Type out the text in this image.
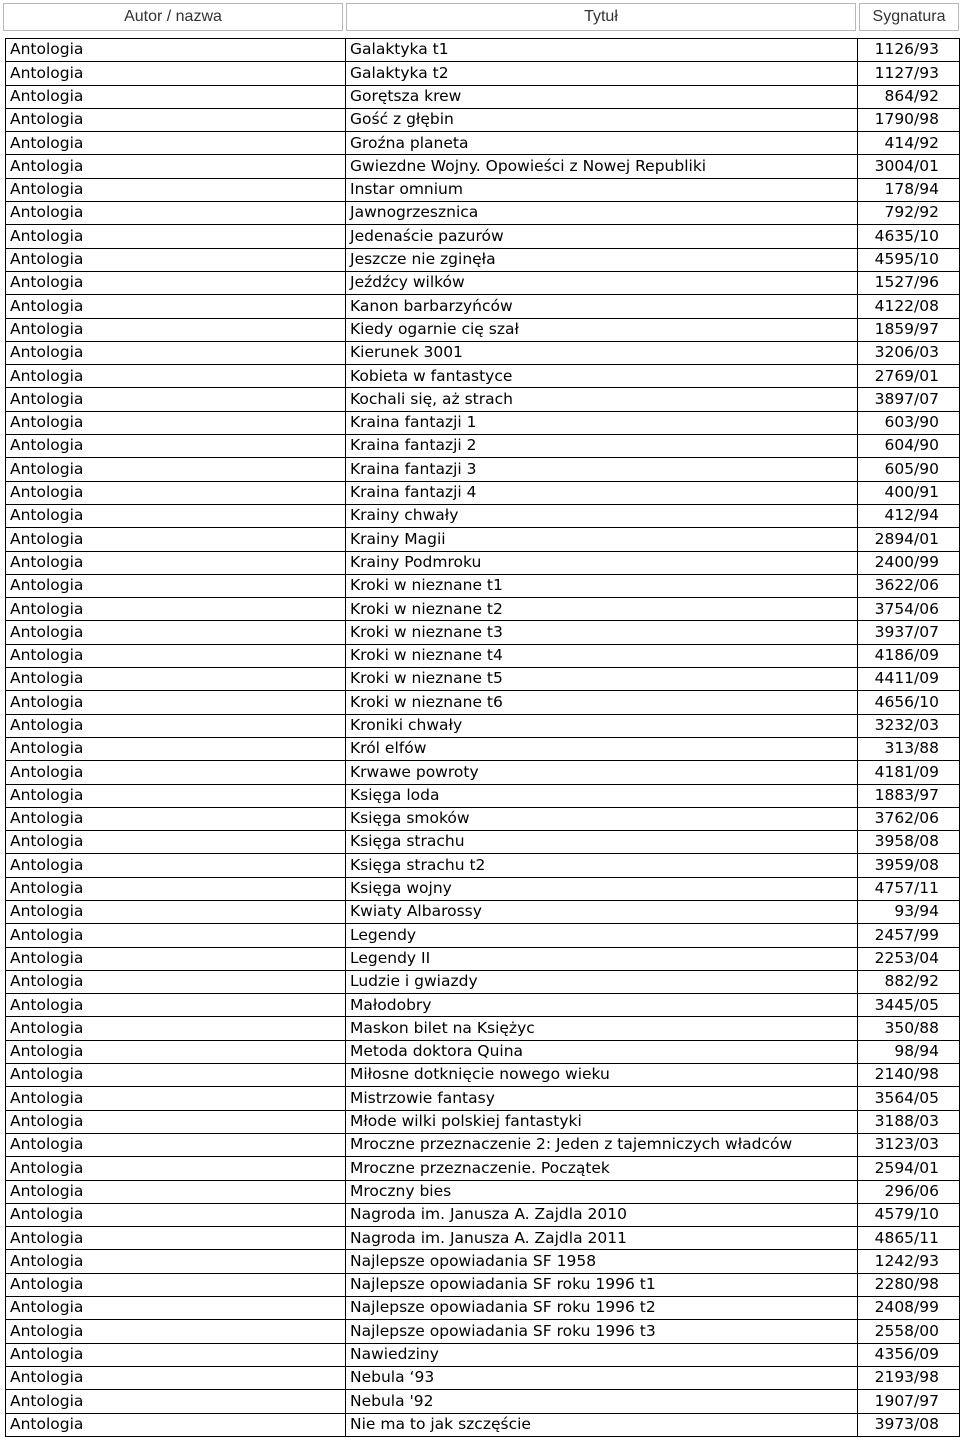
Autor / nazwa	Tytuł	Sygnatura
Antologia	Galaktyka t1	1126/93
Antologia	Galaktyka t2	1127/93
Antologia	Gorętsza krew	864/92
Antologia	Gość z głębin	1790/98
Antologia	Groźna planeta	414/92
Antologia	Gwiezdne Wojny. Opowieści z Nowej Republiki	3004/01
Antologia	Instar omnium	178/94
Antologia	Jawnogrzesznica	792/92
Antologia	Jedenaście pazurów	4635/10
Antologia	Jeszcze nie zginęła	4595/10
Antologia	Jeźdźcy wilków	1527/96
Antologia	Kanon barbarzyńców	4122/08
Antologia	Kiedy ogarnie cię szał	1859/97
Antologia	Kierunek 3001	3206/03
Antologia	Kobieta w fantastyce	2769/01
Antologia	Kochali się, aż strach	3897/07
Antologia	Kraina fantazji 1	603/90
Antologia	Kraina fantazji 2	604/90
Antologia	Kraina fantazji 3	605/90
Antologia	Kraina fantazji 4	400/91
Antologia	Krainy chwały	412/94
Antologia	Krainy Magii	2894/01
Antologia	Krainy Podmroku	2400/99
Antologia	Kroki w nieznane t1	3622/06
Antologia	Kroki w nieznane t2	3754/06
Antologia	Kroki w nieznane t3	3937/07
Antologia	Kroki w nieznane t4	4186/09
Antologia	Kroki w nieznane t5	4411/09
Antologia	Kroki w nieznane t6	4656/10
Antologia	Kroniki chwały	3232/03
Antologia	Król elfów	313/88
Antologia	Krwawe powroty	4181/09
Antologia	Księga loda	1883/97
Antologia	Księga smoków	3762/06
Antologia	Księga strachu	3958/08
Antologia	Księga strachu t2	3959/08
Antologia	Księga wojny	4757/11
Antologia	Kwiaty Albarossy	93/94
Antologia	Legendy	2457/99
Antologia	Legendy II	2253/04
Antologia	Ludzie i gwiazdy	882/92
Antologia	Małodobry	3445/05
Antologia	Maskon bilet na Księżyc	350/88
Antologia	Metoda doktora Quina	98/94
Antologia	Miłosne dotknięcie nowego wieku	2140/98
Antologia	Mistrzowie fantasy	3564/05
Antologia	Młode wilki polskiej fantastyki	3188/03
Antologia	Mroczne przeznaczenie 2: Jeden z tajemniczych władców	3123/03
Antologia	Mroczne przeznaczenie. Początek	2594/01
Antologia	Mroczny bies	296/06
Antologia	Nagroda im. Janusza A. Zajdla 2010	4579/10
Antologia	Nagroda im. Janusza A. Zajdla 2011	4865/11
Antologia	Najlepsze opowiadania SF 1958	1242/93
Antologia	Najlepsze opowiadania SF roku 1996 t1	2280/98
Antologia	Najlepsze opowiadania SF roku 1996 t2	2408/99
Antologia	Najlepsze opowiadania SF roku 1996 t3	2558/00
Antologia	Nawiedziny	4356/09
Antologia	Nebula ‘93	2193/98
Antologia	Nebula '92	1907/97
Antologia	Nie ma to jak szczęście	3973/08
